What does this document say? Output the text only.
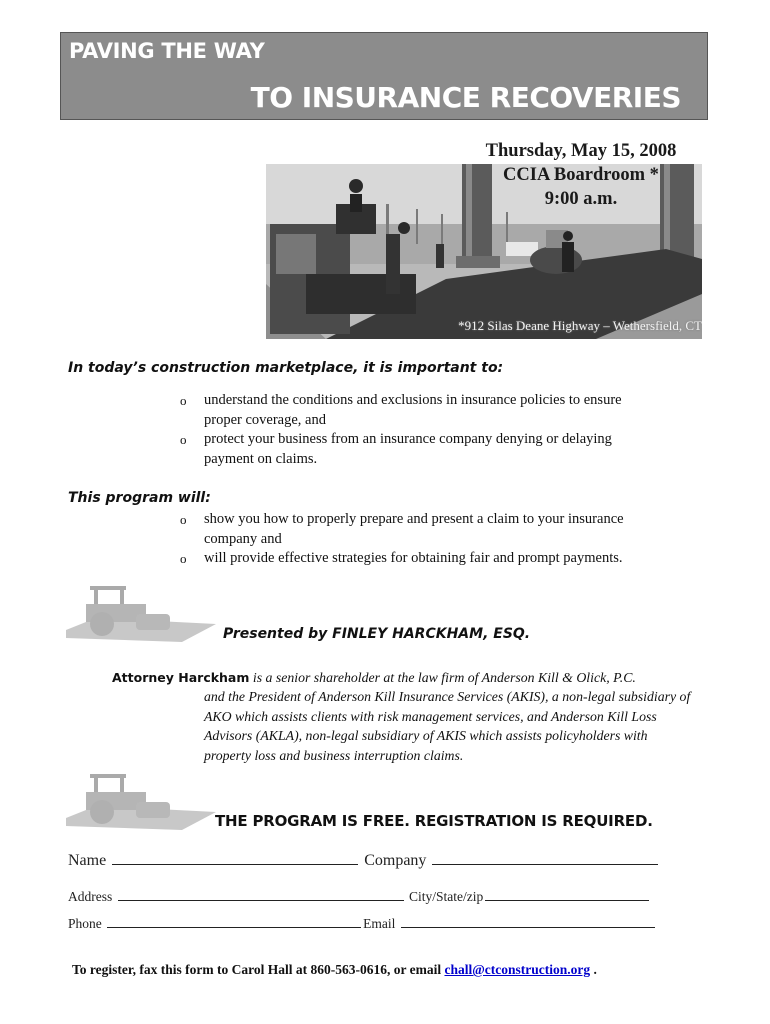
PAVING THE WAY
TO INSURANCE RECOVERIES
*912 Silas Deane Highway – Wethersfield, CT
Thursday, May 15, 2008
CCIA Boardroom *
9:00 a.m.
In today’s construction marketplace, it is important to:
o understand the conditions and exclusions in insurance policies to ensure proper coverage, and
o protect your business from an insurance company denying or delaying payment on claims.
This program will:
o show you how to properly prepare and present a claim to your insurance company and
o will provide effective strategies for obtaining fair and prompt payments.
Presented by FINLEY HARCKHAM, ESQ.
Attorney Harckham is a senior shareholder at the law firm of Anderson Kill & Olick, P.C.
and the President of Anderson Kill Insurance Services (AKIS), a non-legal subsidiary of AKO which assists clients with risk management services, and Anderson Kill Loss Advisors (AKLA), non-legal subsidiary of AKIS which assists policyholders with property loss and business interruption claims.
THE PROGRAM IS FREE. REGISTRATION IS REQUIRED.
Name	Company
Address	City/State/zip
Phone	Email
To register, fax this form to Carol Hall at 860-563-0616, or email chall@ctconstruction.org .
